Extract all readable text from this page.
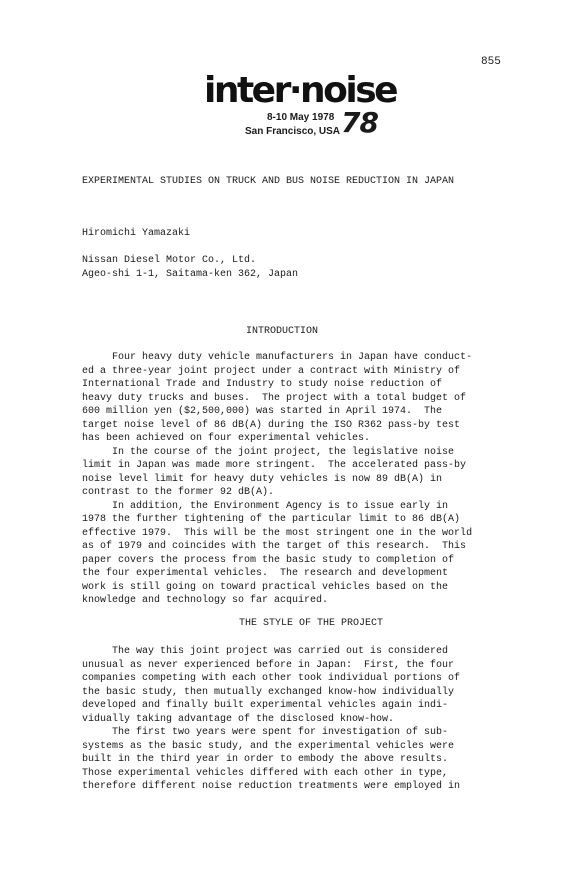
855
inter·noise
8-10 May 1978
San Francisco, USA 78
EXPERIMENTAL STUDIES ON TRUCK AND BUS NOISE REDUCTION IN JAPAN
Hiromichi Yamazaki
Nissan Diesel Motor Co., Ltd.
Ageo-shi 1-1, Saitama-ken 362, Japan
INTRODUCTION
Four heavy duty vehicle manufacturers in Japan have conduct-
ed a three-year joint project under a contract with Ministry of
International Trade and Industry to study noise reduction of
heavy duty trucks and buses.  The project with a total budget of
600 million yen ($2,500,000) was started in April 1974.  The
target noise level of 86 dB(A) during the ISO R362 pass-by test
has been achieved on four experimental vehicles.
In the course of the joint project, the legislative noise
limit in Japan was made more stringent.  The accelerated pass-by
noise level limit for heavy duty vehicles is now 89 dB(A) in
contrast to the former 92 dB(A).
In addition, the Environment Agency is to issue early in
1978 the further tightening of the particular limit to 86 dB(A)
effective 1979.  This will be the most stringent one in the world
as of 1979 and coincides with the target of this research.  This
paper covers the process from the basic study to completion of
the four experimental vehicles.  The research and development
work is still going on toward practical vehicles based on the
knowledge and technology so far acquired.
THE STYLE OF THE PROJECT
The way this joint project was carried out is considered
unusual as never experienced before in Japan:  First, the four
companies competing with each other took individual portions of
the basic study, then mutually exchanged know-how individually
developed and finally built experimental vehicles again indi-
vidually taking advantage of the disclosed know-how.
The first two years were spent for investigation of sub-
systems as the basic study, and the experimental vehicles were
built in the third year in order to embody the above results.
Those experimental vehicles differed with each other in type,
therefore different noise reduction treatments were employed in
